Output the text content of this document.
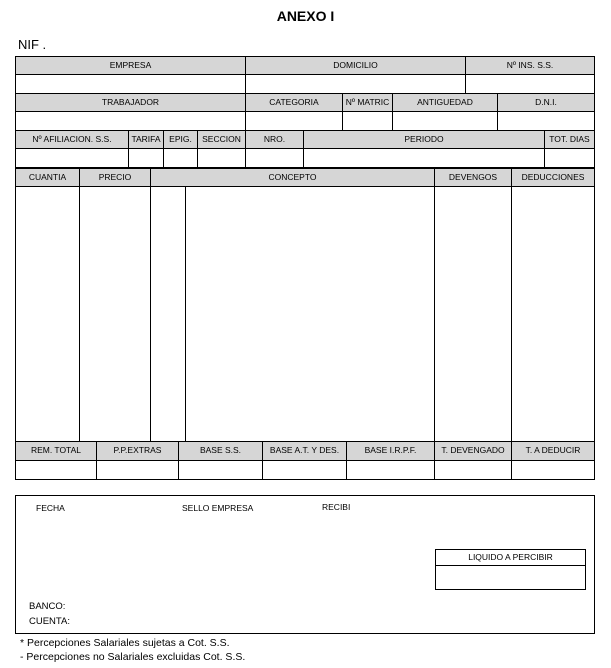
ANEXO I
NIF .
EMPRESA	DOMICILIO	Nº INS. S.S.
TRABAJADOR	CATEGORIA	Nº MATRIC	ANTIGUEDAD	D.N.I.
Nº AFILIACION. S.S.	TARIFA	EPIG.	SECCION	NRO.	PERIODO	TOT. DIAS
CUANTIA	PRECIO	CONCEPTO	DEVENGOS	DEDUCCIONES
REM. TOTAL	P.P.EXTRAS	BASE S.S.	BASE A.T. Y DES.	BASE I.R.P.F.	T. DEVENGADO	T. A DEDUCIR
FECHA	SELLO EMPRESA	RECIBI
LIQUIDO A PERCIBIR
BANCO:
CUENTA:
* Percepciones Salariales sujetas a Cot. S.S.
- Percepciones no Salariales excluidas Cot. S.S.
